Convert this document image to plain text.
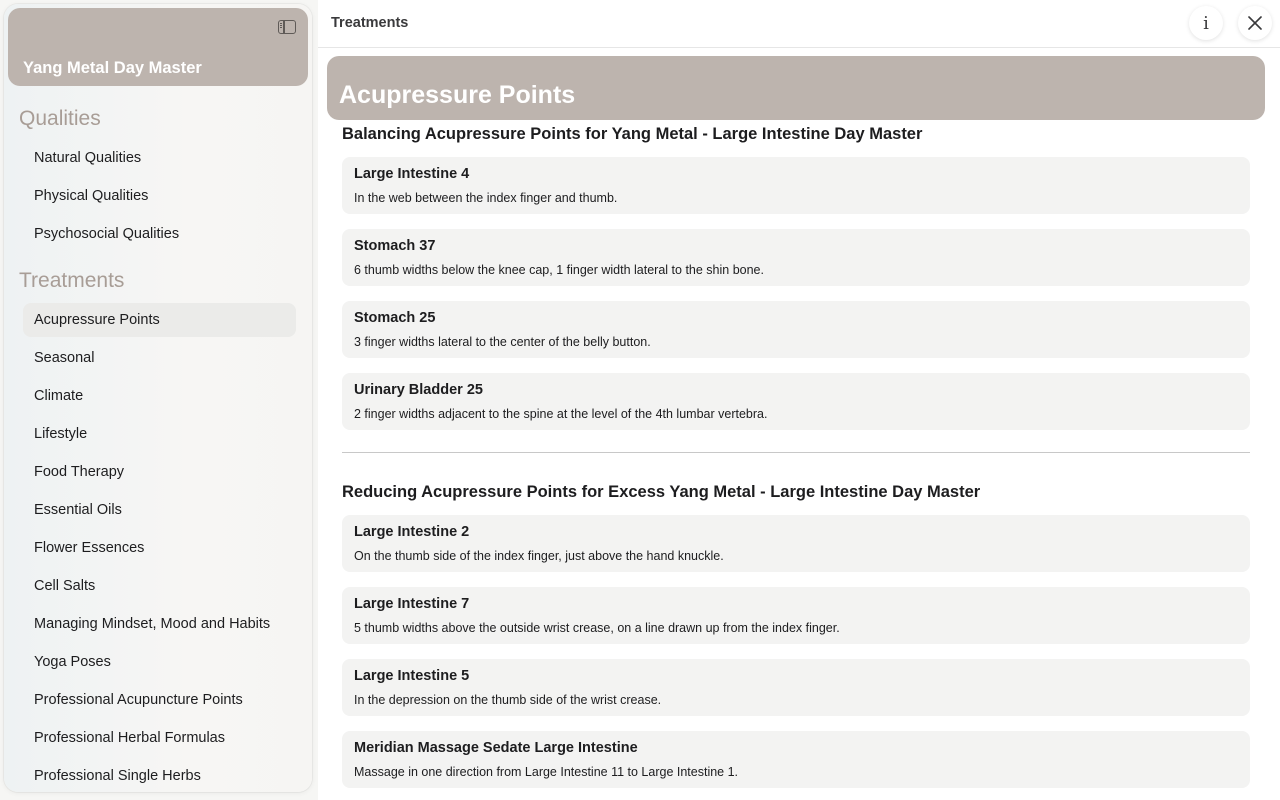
Yang Metal Day Master
Qualities
Natural Qualities
Physical Qualities
Psychosocial Qualities
Treatments
Acupressure Points
Seasonal
Climate
Lifestyle
Food Therapy
Essential Oils
Flower Essences
Cell Salts
Managing Mindset, Mood and Habits
Yoga Poses
Professional Acupuncture Points
Professional Herbal Formulas
Professional Single Herbs
Treatments	i
Acupressure Points
Balancing Acupressure Points for Yang Metal - Large Intestine Day Master
Large Intestine 4
In the web between the index finger and thumb.
Stomach 37
6 thumb widths below the knee cap, 1 finger width lateral to the shin bone.
Stomach 25
3 finger widths lateral to the center of the belly button.
Urinary Bladder 25
2 finger widths adjacent to the spine at the level of the 4th lumbar vertebra.
Reducing Acupressure Points for Excess Yang Metal - Large Intestine Day Master
Large Intestine 2
On the thumb side of the index finger, just above the hand knuckle.
Large Intestine 7
5 thumb widths above the outside wrist crease, on a line drawn up from the index finger.
Large Intestine 5
In the depression on the thumb side of the wrist crease.
Meridian Massage Sedate Large Intestine
Massage in one direction from Large Intestine 11 to Large Intestine 1.
